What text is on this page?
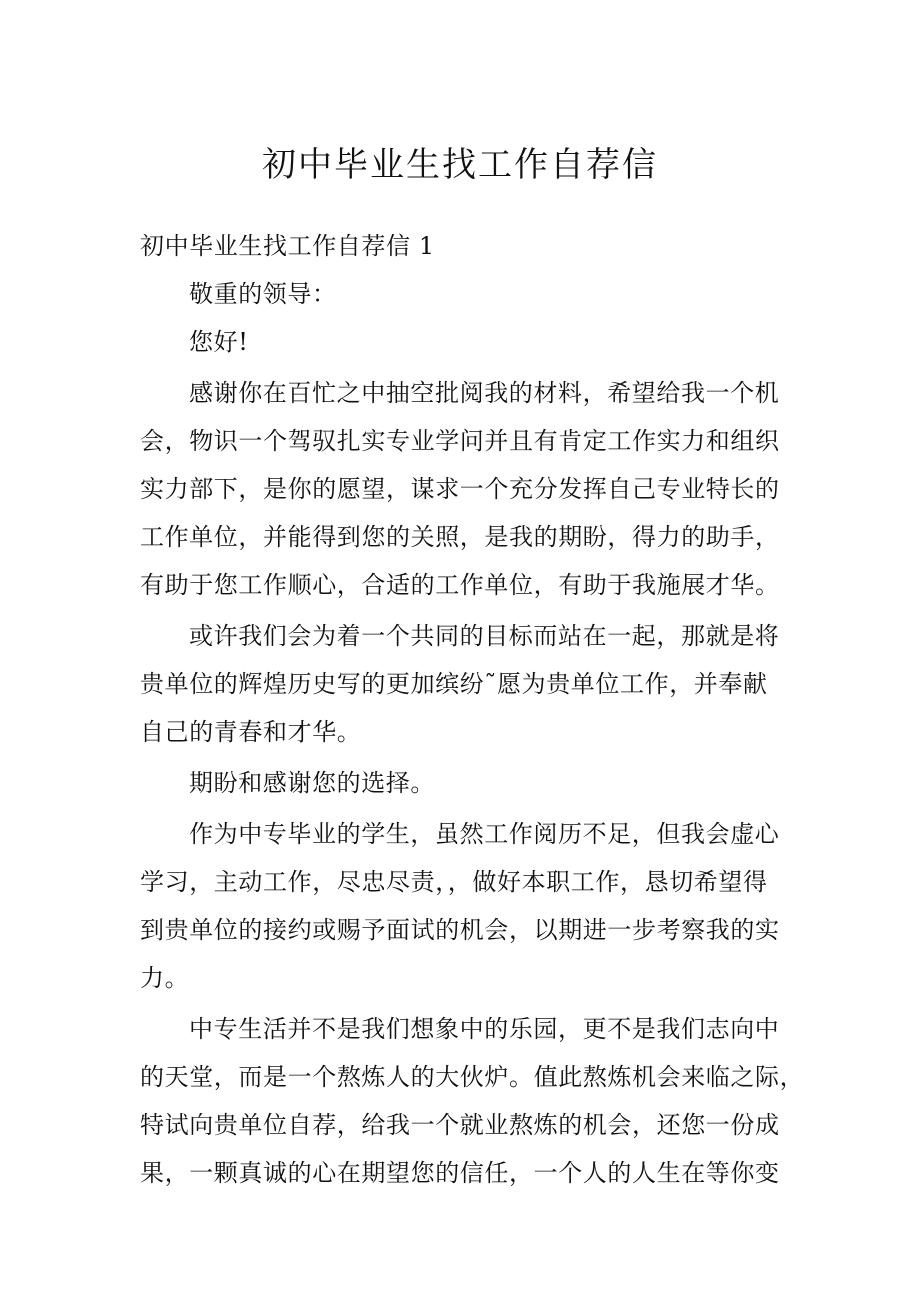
初中毕业生找工作自荐信
初中毕业生找工作自荐信 1
敬重的领导：
您好!
感谢你在百忙之中抽空批阅我的材料，希望给我一个机
会，物识一个驾驭扎实专业学问并且有肯定工作实力和组织
实力部下，是你的愿望，谋求一个充分发挥自己专业特长的
工作单位，并能得到您的关照，是我的期盼，得力的助手，
有助于您工作顺心，合适的工作单位，有助于我施展才华。
或许我们会为着一个共同的目标而站在一起，那就是将
贵单位的辉煌历史写的更加缤纷˜愿为贵单位工作，并奉献
自己的青春和才华。
期盼和感谢您的选择。
作为中专毕业的学生，虽然工作阅历不足，但我会虚心
学习，主动工作，尽忠尽责，，做好本职工作，恳切希望得
到贵单位的接约或赐予面试的机会，以期进一步考察我的实
力。
中专生活并不是我们想象中的乐园，更不是我们志向中
的天堂，而是一个熬炼人的大伙炉。值此熬炼机会来临之际，
特试向贵单位自荐，给我一个就业熬炼的机会，还您一份成
果，一颗真诚的心在期望您的信任，一个人的人生在等你变
